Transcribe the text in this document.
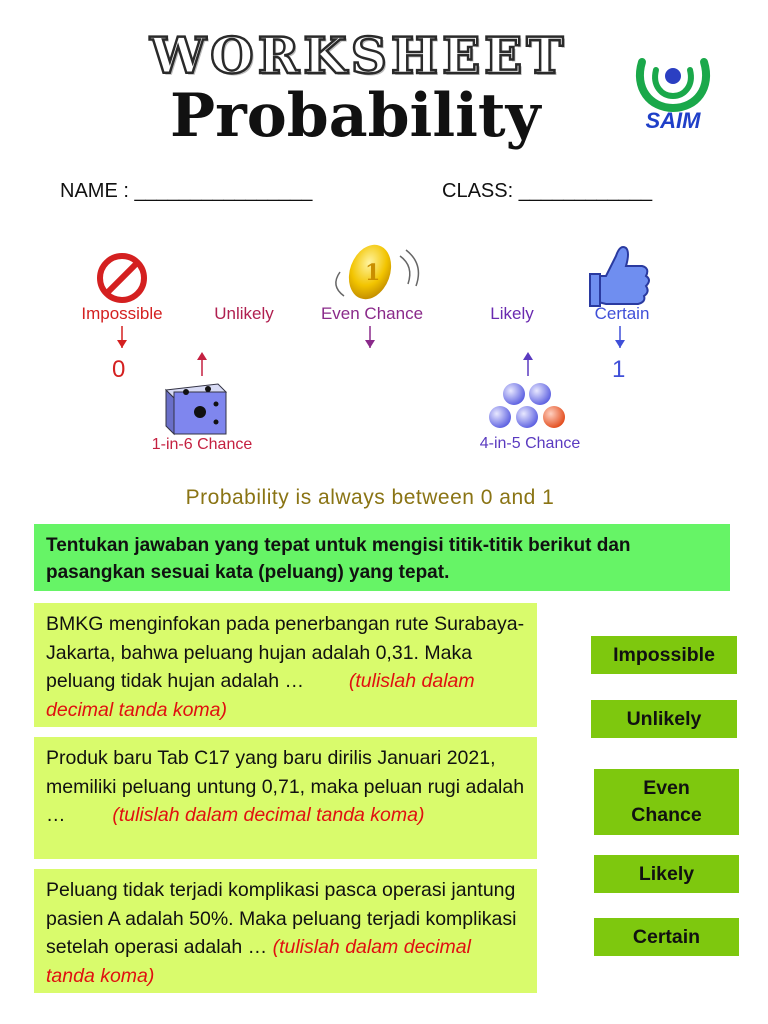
WORKSHEET
Probability	SAIM
NAME : ________________	CLASS: ____________
1
Impossible	Unlikely	Even Chance	Likely	Certain
0	1
1-in-6 Chance	4-in-5 Chance
Probability is always between 0 and 1
Tentukan jawaban yang tepat untuk mengisi titik-titik berikut dan pasangkan sesuai kata (peluang) yang tepat.
BMKG menginfokan pada penerbangan rute Surabaya-Jakarta, bahwa peluang hujan adalah 0,31. Maka peluang tidak hujan adalah … (tulislah dalam decimal tanda koma)
Produk baru Tab C17 yang baru dirilis Januari 2021, memiliki peluang untung 0,71, maka peluan rugi adalah … (tulislah dalam decimal tanda koma)
Peluang tidak terjadi komplikasi pasca operasi jantung pasien A adalah 50%. Maka peluang terjadi komplikasi setelah operasi adalah … (tulislah dalam decimal tanda koma)
Impossible
Unlikely
Even Chance
Likely
Certain
